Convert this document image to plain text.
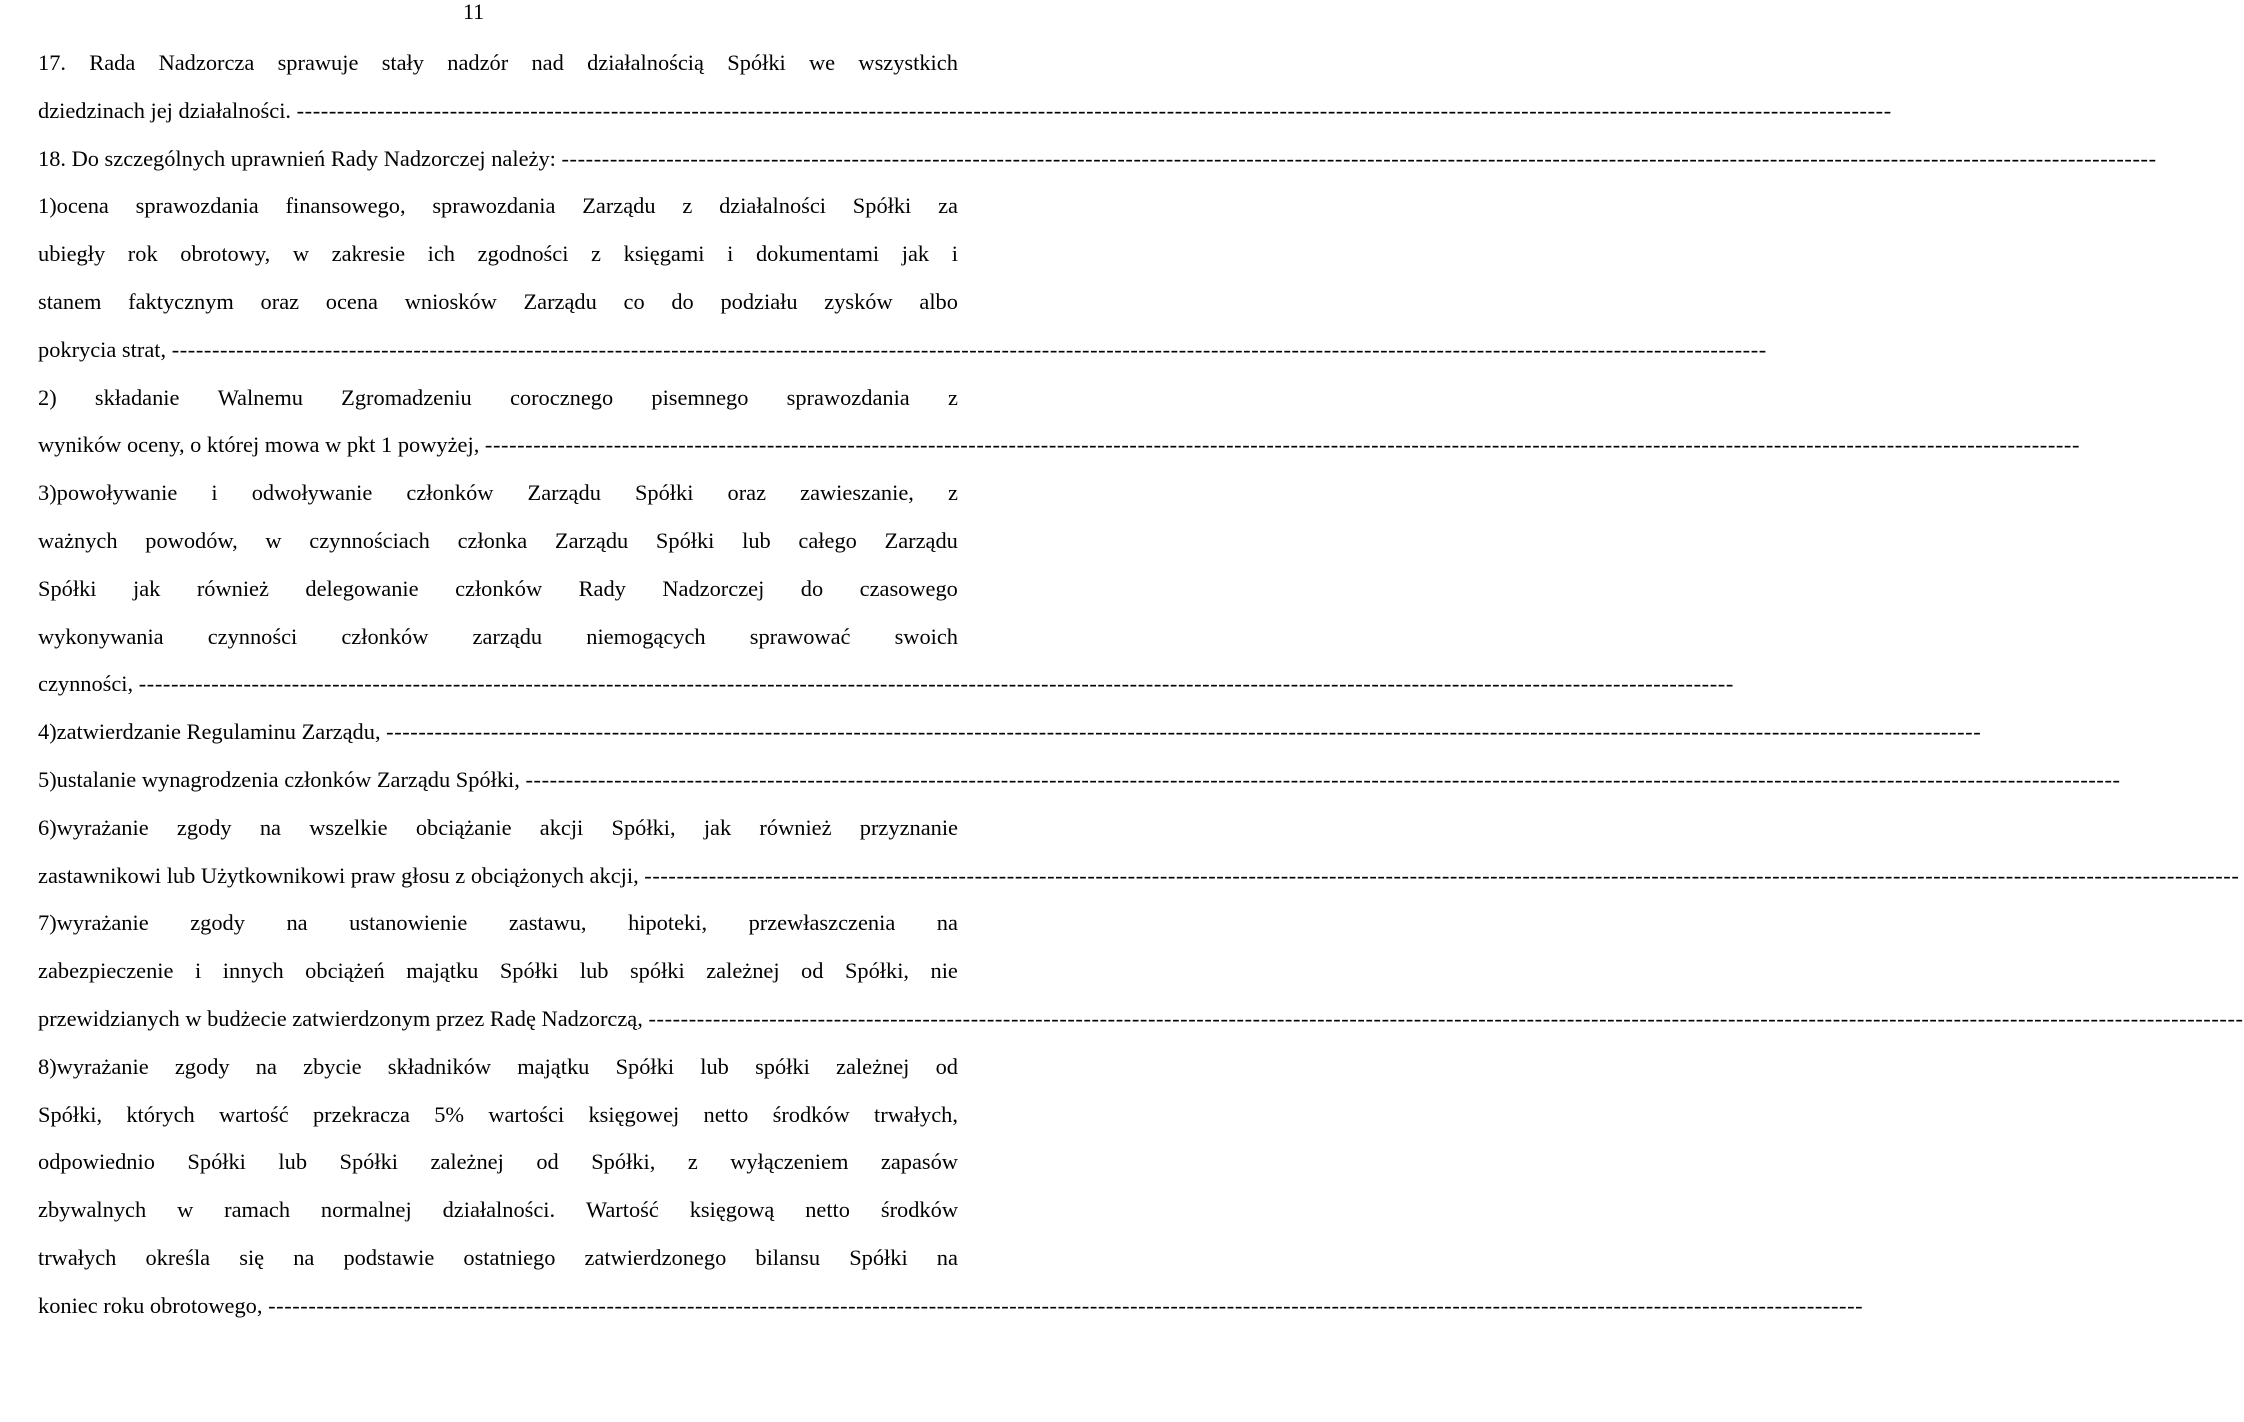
11
17. Rada Nadzorcza sprawuje stały nadzór nad działalnością Spółki we wszystkich
dziedzinach jej działalności. ------------------------------------------------------------------------------------------------------------------------------------------------------------------------------------------------------
18. Do szczególnych uprawnień Rady Nadzorczej należy: ------------------------------------------------------------------------------------------------------------------------------------------------------------------------------------------------------
1)ocena sprawozdania finansowego, sprawozdania Zarządu z działalności Spółki za
ubiegły rok obrotowy, w zakresie ich zgodności z księgami i dokumentami jak i
stanem faktycznym oraz ocena wniosków Zarządu co do podziału zysków albo
pokrycia strat, ------------------------------------------------------------------------------------------------------------------------------------------------------------------------------------------------------
2) składanie Walnemu Zgromadzeniu corocznego pisemnego sprawozdania z
wyników oceny, o której mowa w pkt 1 powyżej, ------------------------------------------------------------------------------------------------------------------------------------------------------------------------------------------------------
3)powoływanie i odwoływanie członków Zarządu Spółki oraz zawieszanie, z
ważnych powodów, w czynnościach członka Zarządu Spółki lub całego Zarządu
Spółki jak również delegowanie członków Rady Nadzorczej do czasowego
wykonywania czynności członków zarządu niemogących sprawować swoich
czynności, ------------------------------------------------------------------------------------------------------------------------------------------------------------------------------------------------------
4)zatwierdzanie Regulaminu Zarządu, ------------------------------------------------------------------------------------------------------------------------------------------------------------------------------------------------------
5)ustalanie wynagrodzenia członków Zarządu Spółki, ------------------------------------------------------------------------------------------------------------------------------------------------------------------------------------------------------
6)wyrażanie zgody na wszelkie obciążanie akcji Spółki, jak również przyznanie
zastawnikowi lub Użytkownikowi praw głosu z obciążonych akcji, ------------------------------------------------------------------------------------------------------------------------------------------------------------------------------------------------------
7)wyrażanie zgody na ustanowienie zastawu, hipoteki, przewłaszczenia na
zabezpieczenie i innych obciążeń majątku Spółki lub spółki zależnej od Spółki, nie
przewidzianych w budżecie zatwierdzonym przez Radę Nadzorczą, ------------------------------------------------------------------------------------------------------------------------------------------------------------------------------------------------------
8)wyrażanie zgody na zbycie składników majątku Spółki lub spółki zależnej od
Spółki, których wartość przekracza 5% wartości księgowej netto środków trwałych,
odpowiednio Spółki lub Spółki zależnej od Spółki, z wyłączeniem zapasów
zbywalnych w ramach normalnej działalności. Wartość księgową netto środków
trwałych określa się na podstawie ostatniego zatwierdzonego bilansu Spółki na
koniec roku obrotowego, ------------------------------------------------------------------------------------------------------------------------------------------------------------------------------------------------------
